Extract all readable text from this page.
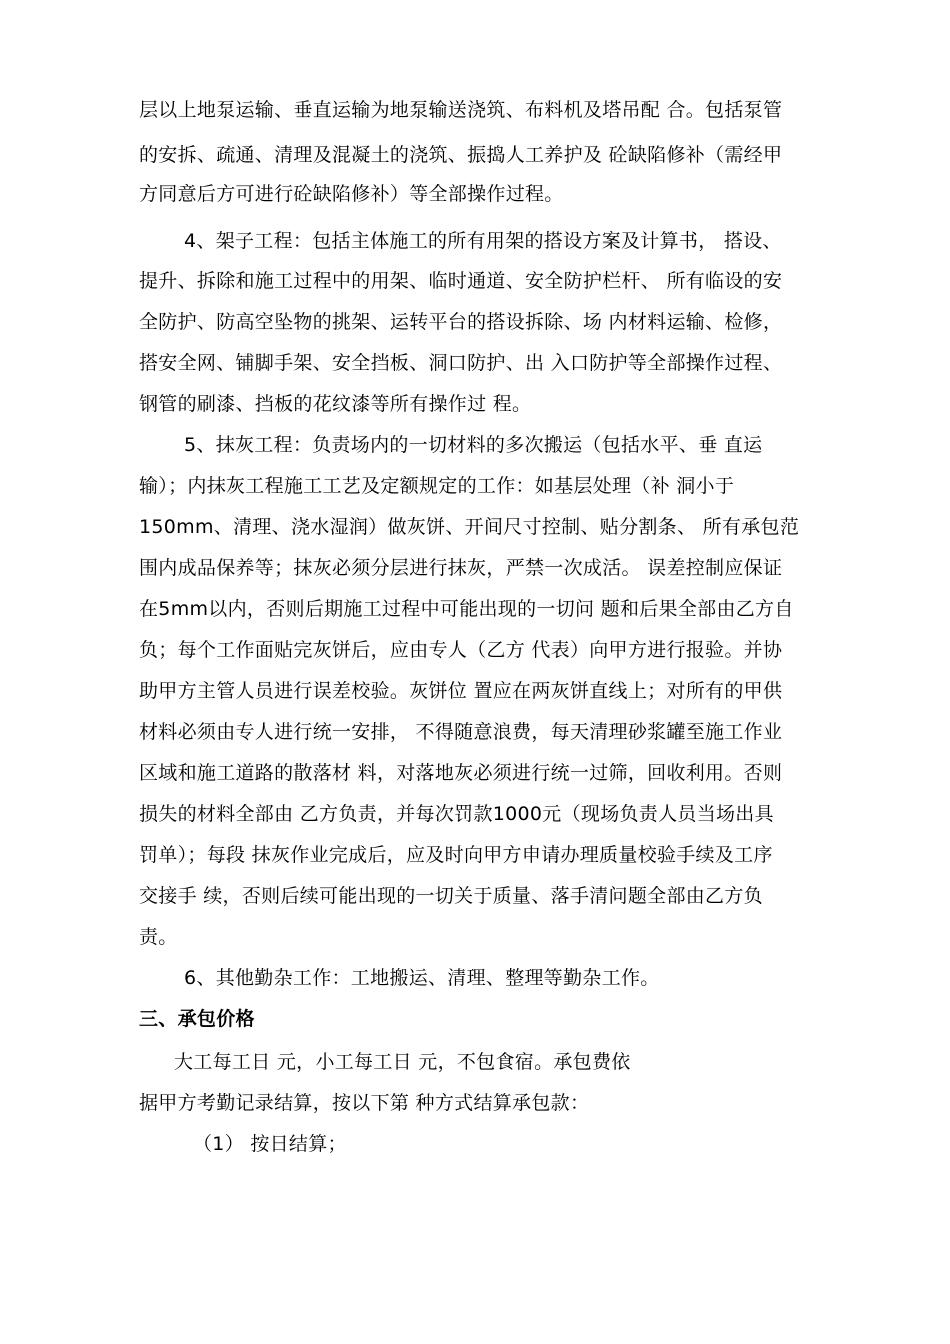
层以上地泵运输、垂直运输为地泵输送浇筑、布料机及塔吊配 合。包括泵管
的安拆、疏通、清理及混凝土的浇筑、振捣人工养护及 砼缺陷修补（需经甲
方同意后方可进行砼缺陷修补）等全部操作过程。
4、架子工程：包括主体施工的所有用架的搭设方案及计算书， 搭设、
提升、拆除和施工过程中的用架、临时通道、安全防护栏杆、 所有临设的安
全防护、防高空坠物的挑架、运转平台的搭设拆除、场 内材料运输、检修，
搭安全网、铺脚手架、安全挡板、洞口防护、出 入口防护等全部操作过程、
钢管的刷漆、挡板的花纹漆等所有操作过 程。
5、抹灰工程：负责场内的一切材料的多次搬运（包括水平、垂 直运
输）；内抹灰工程施工工艺及定额规定的工作：如基层处理（补 洞小于
150mm、清理、浇水湿润）做灰饼、开间尺寸控制、贴分割条、 所有承包范
围内成品保养等；抹灰必须分层进行抹灰，严禁一次成活。 误差控制应保证
在5mm以内，否则后期施工过程中可能出现的一切问 题和后果全部由乙方自
负；每个工作面贴完灰饼后，应由专人（乙方 代表）向甲方进行报验。并协
助甲方主管人员进行误差校验。灰饼位 置应在两灰饼直线上；对所有的甲供
材料必须由专人进行统一安排， 不得随意浪费，每天清理砂浆罐至施工作业
区域和施工道路的散落材 料，对落地灰必须进行统一过筛，回收利用。否则
损失的材料全部由 乙方负责，并每次罚款1000元（现场负责人员当场出具
罚单）；每段 抹灰作业完成后，应及时向甲方申请办理质量校验手续及工序
交接手 续，否则后续可能出现的一切关于质量、落手清问题全部由乙方负
责。
6、其他勤杂工作：工地搬运、清理、整理等勤杂工作。
三、承包价格
大工每工日 元，小工每工日 元，不包食宿。承包费依
据甲方考勤记录结算，按以下第 种方式结算承包款：
（1） 按日结算；
